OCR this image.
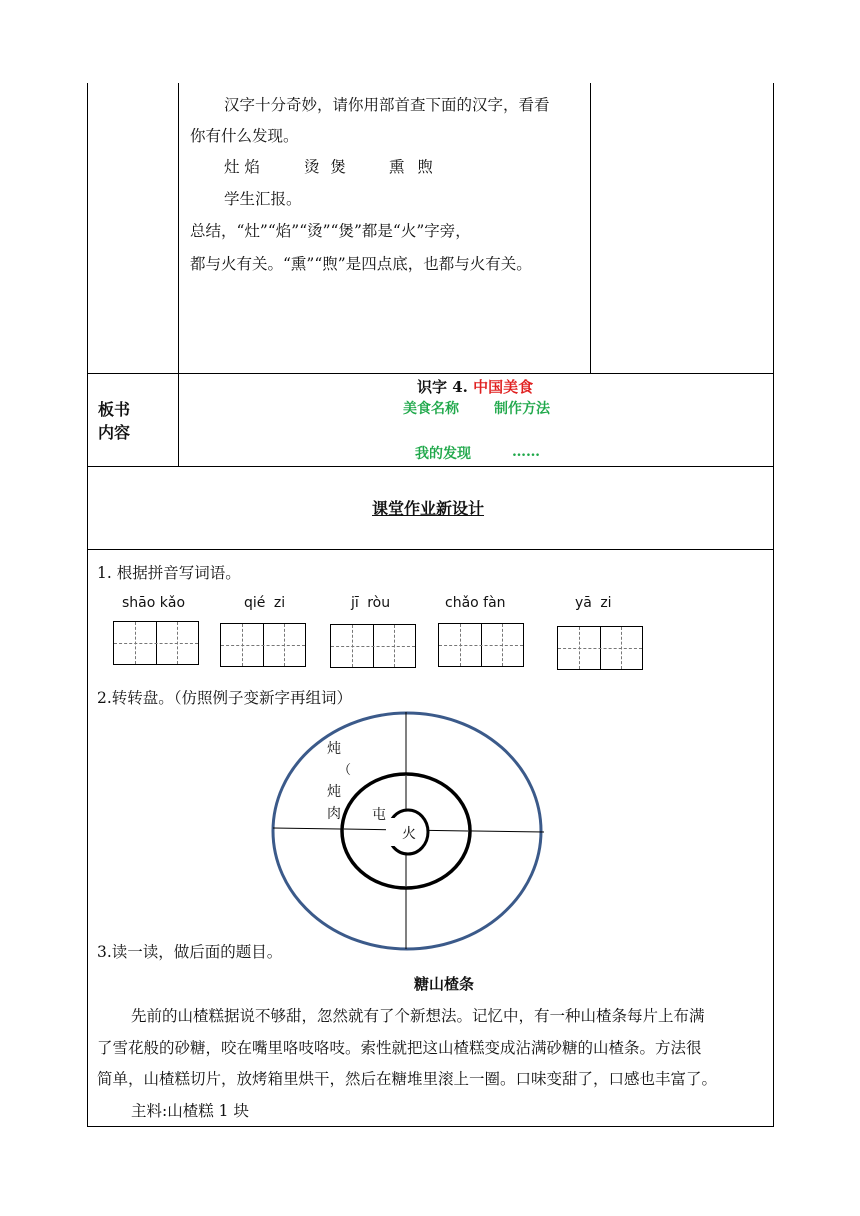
汉字十分奇妙，请你用部首查下面的汉字，看看
你有什么发现。
灶 焰	烫 煲	熏 煦
学生汇报。
总结，“灶”“焰”“烫”“煲”都是“火”字旁，
都与火有关。“熏”“煦”是四点底，也都与火有关。
板书
内容
识字 4. 中国美食
美食名称	制作方法
我的发现	……
课堂作业新设计
1. 根据拼音写词语。
shāo kǎo	qié zi	jī ròu	chǎo fàn	yā zi
2.转转盘。（仿照例子变新字再组词）
炖
（
炖
肉 屯
火
3.读一读，做后面的题目。
糖山楂条
先前的山楂糕据说不够甜，忽然就有了个新想法。记忆中，有一种山楂条每片上布满
了雪花般的砂糖，咬在嘴里咯吱咯吱。索性就把这山楂糕变成沾满砂糖的山楂条。方法很
简单，山楂糕切片，放烤箱里烘干，然后在糖堆里滚上一圈。口味变甜了，口感也丰富了。
主料:山楂糕 1 块
